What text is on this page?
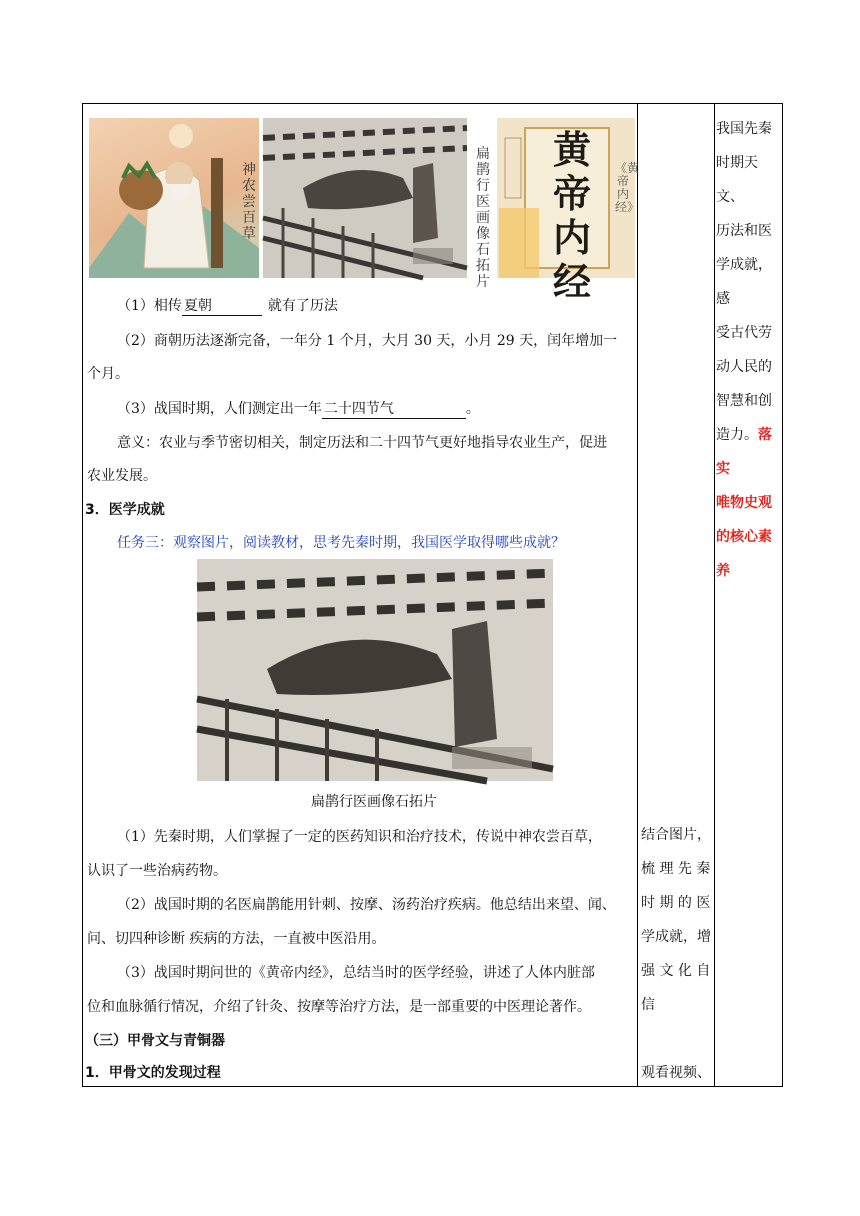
神农尝百草
扁鹊行医画像石拓片
黄帝内经
《黄帝内经》
（1）相传 夏朝	就有了历法
（2）商朝历法逐渐完备，一年分 1 个月，大月 30 天，小月 29 天，闰年增加一
个月。
（3）战国时期，人们测定出一年 二十四节气	。
意义：农业与季节密切相关，制定历法和二十四节气更好地指导农业生产，促进
农业发展。
3．医学成就
任务三：观察图片，阅读教材，思考先秦时期，我国医学取得哪些成就？
扁鹊行医画像石拓片
（1）先秦时期，人们掌握了一定的医药知识和治疗技术，传说中神农尝百草，
认识了一些治病药物。
（2）战国时期的名医扁鹊能用针刺、按摩、汤药治疗疾病。他总结出来望、闻、
问、切四种诊断 疾病的方法，一直被中医沿用。
（3）战国时期问世的《黄帝内经》，总结当时的医学经验，讲述了人体内脏部
位和血脉循行情况，介绍了针灸、按摩等治疗方法，是一部重要的中医理论著作。
（三）甲骨文与青铜器
1．甲骨文的发现过程
结合图片，
梳 理 先 秦
时 期 的 医
学成就，增
强 文 化 自
信
观看视频、
我国先秦
时期天文、
历法和医
学成就，感
受古代劳
动人民的
智慧和创
造力。落实
唯物史观
的核心素
养
